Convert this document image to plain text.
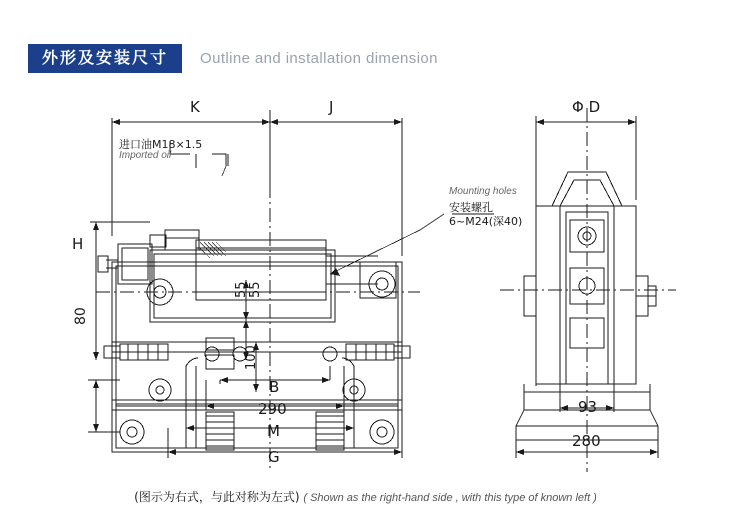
外形及安装尺寸	Outline and installation dimension
K	J
H
80
55 55
100
B
290
M
G
Φ D
93
280
进口油M18×1.5
Imported oil
Mounting holes
安装螺孔
6~M24(深40)
(图示为右式，与此对称为左式) ( Shown as the right-hand side , with this type of known left )
